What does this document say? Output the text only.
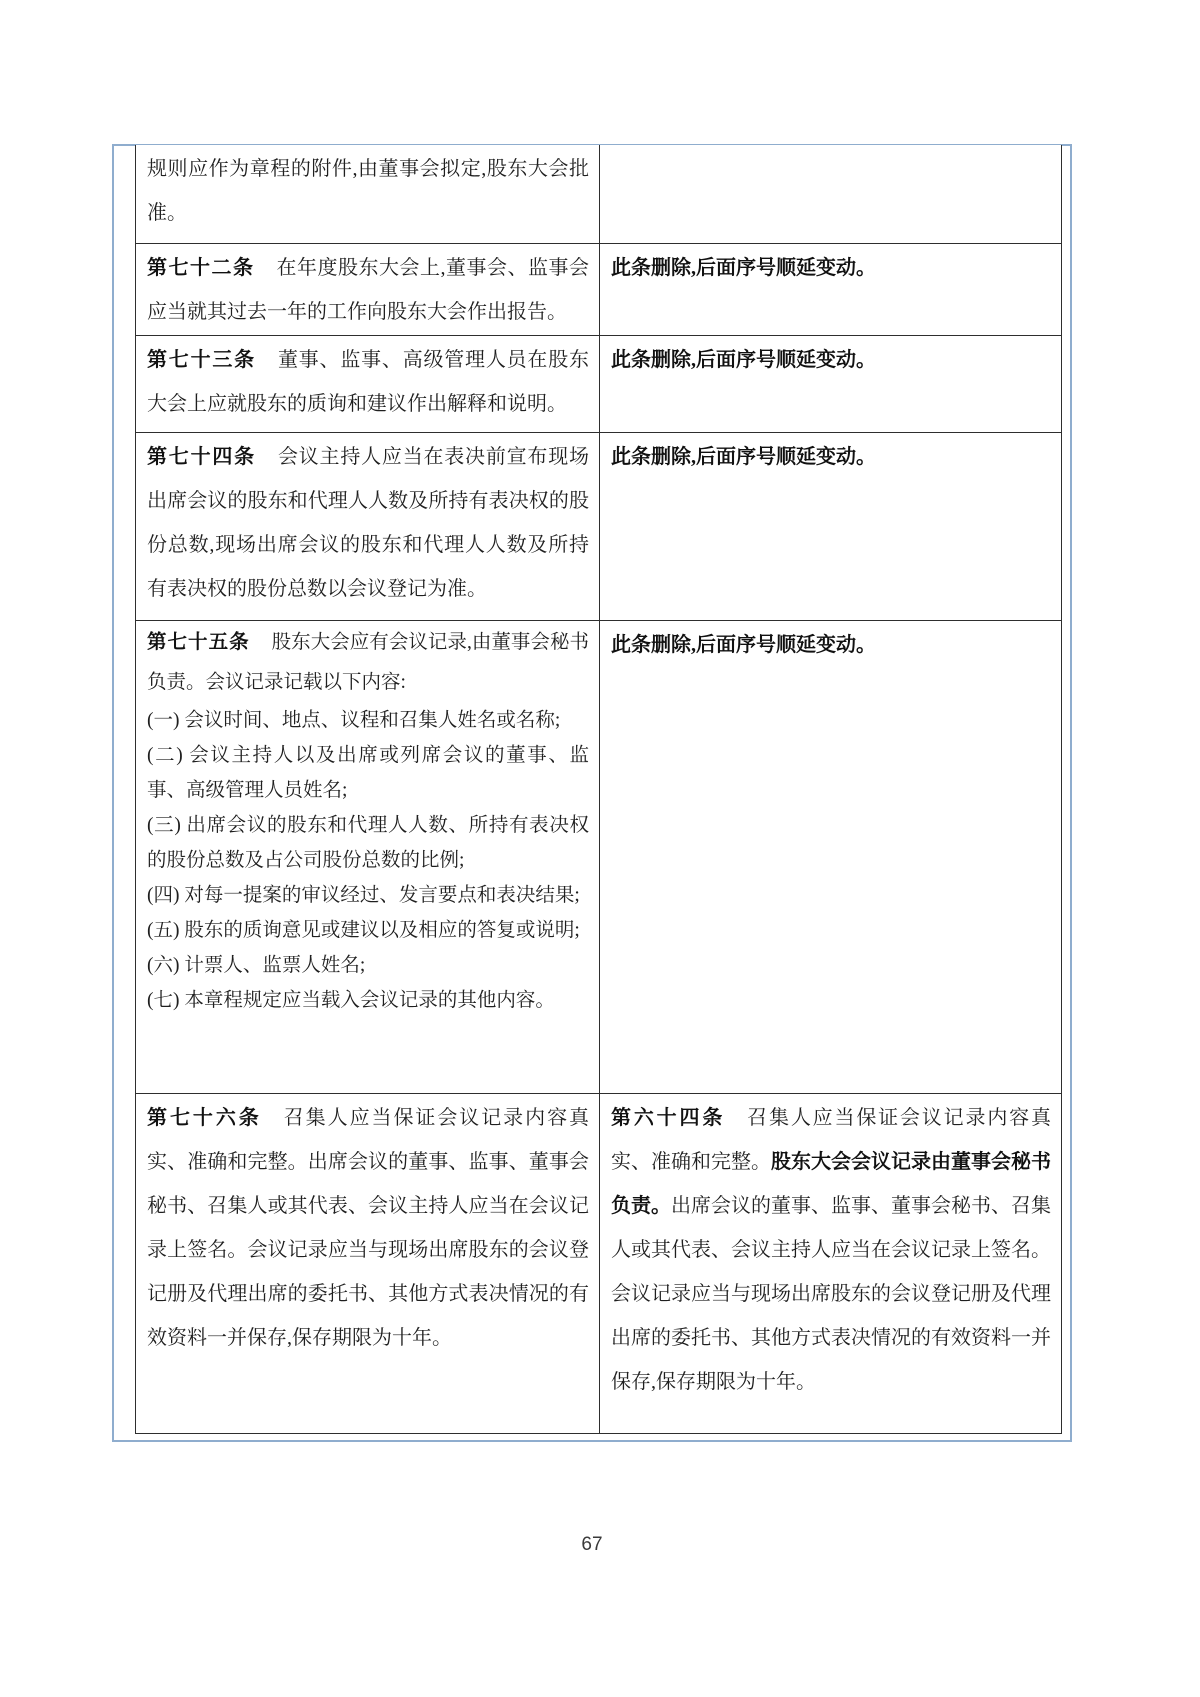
规则应作为章程的附件,由董事会拟定,股东大会批准。

第七十二条 在年度股东大会上,董事会、监事会应当就其过去一年的工作向股东大会作出报告。

此条删除,后面序号顺延变动。

第七十三条 董事、监事、高级管理人员在股东大会上应就股东的质询和建议作出解释和说明。

此条删除,后面序号顺延变动。

第七十四条 会议主持人应当在表决前宣布现场出席会议的股东和代理人人数及所持有表决权的股份总数,现场出席会议的股东和代理人人数及所持有表决权的股份总数以会议登记为准。

此条删除,后面序号顺延变动。

第七十五条 股东大会应有会议记录,由董事会秘书负责。会议记录记载以下内容:

(一) 会议时间、地点、议程和召集人姓名或名称;
(二) 会议主持人以及出席或列席会议的董事、监事、高级管理人员姓名;
(三) 出席会议的股东和代理人人数、所持有表决权的股份总数及占公司股份总数的比例;
(四) 对每一提案的审议经过、发言要点和表决结果;
(五) 股东的质询意见或建议以及相应的答复或说明;
(六) 计票人、监票人姓名;
(七) 本章程规定应当载入会议记录的其他内容。

此条删除,后面序号顺延变动。

第七十六条 召集人应当保证会议记录内容真实、准确和完整。出席会议的董事、监事、董事会秘书、召集人或其代表、会议主持人应当在会议记录上签名。会议记录应当与现场出席股东的会议登记册及代理出席的委托书、其他方式表决情况的有效资料一并保存,保存期限为十年。

第六十四条 召集人应当保证会议记录内容真实、准确和完整。股东大会会议记录由董事会秘书负责。出席会议的董事、监事、董事会秘书、召集人或其代表、会议主持人应当在会议记录上签名。会议记录应当与现场出席股东的会议登记册及代理出席的委托书、其他方式表决情况的有效资料一并保存,保存期限为十年。

67
